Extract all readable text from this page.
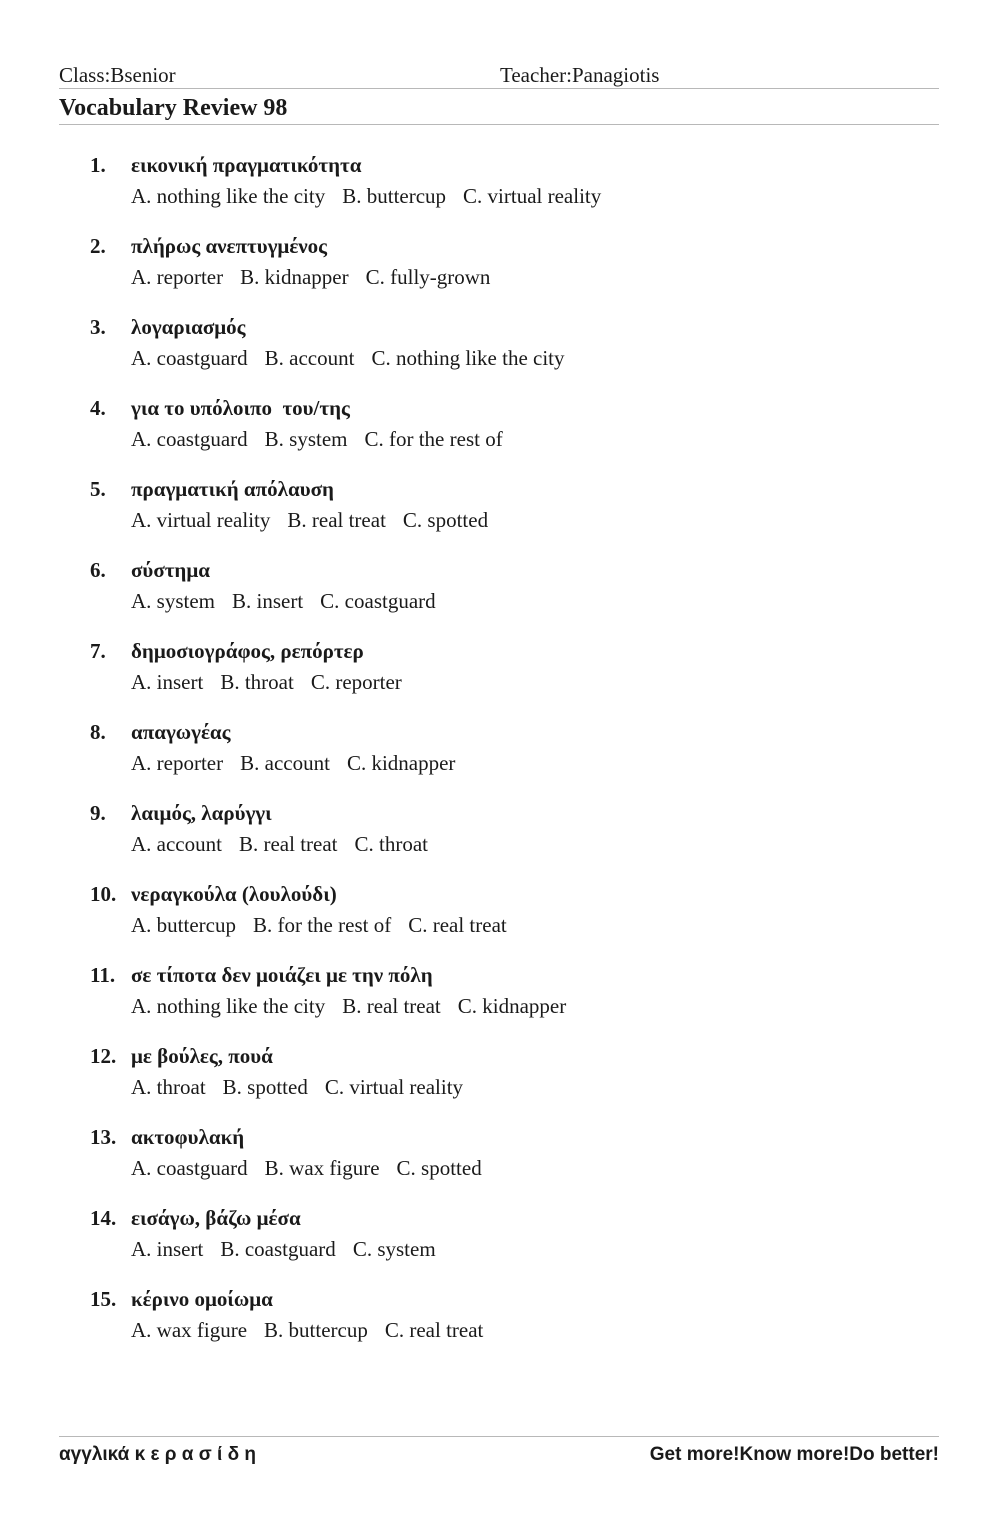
Class:Bsenior	Teacher:Panagiotis
Vocabulary Review 98
1. εικονική πραγματικότητα
A. nothing like the city B. buttercup C. virtual reality
2. πλήρως ανεπτυγμένος
A. reporter B. kidnapper C. fully-grown
3. λογαριασμός
A. coastguard B. account C. nothing like the city
4. για το υπόλοιπο  του/της
A. coastguard B. system C. for the rest of
5. πραγματική απόλαυση
A. virtual reality B. real treat C. spotted
6. σύστημα
A. system B. insert C. coastguard
7. δημοσιογράφος, ρεπόρτερ
A. insert B. throat C. reporter
8. απαγωγέας
A. reporter B. account C. kidnapper
9. λαιμός, λαρύγγι
A. account B. real treat C. throat
10. νεραγκούλα (λουλούδι)
A. buttercup B. for the rest of C. real treat
11. σε τίποτα δεν μοιάζει με την πόλη
A. nothing like the city B. real treat C. kidnapper
12. με βούλες, πουά
A. throat B. spotted C. virtual reality
13. ακτοφυλακή
A. coastguard B. wax figure C. spotted
14. εισάγω, βάζω μέσα
A. insert B. coastguard C. system
15. κέρινο ομοίωμα
A. wax figure B. buttercup C. real treat
αγγλικά κ ε ρ α σ ί δ η	Get more!Know more!Do better!
